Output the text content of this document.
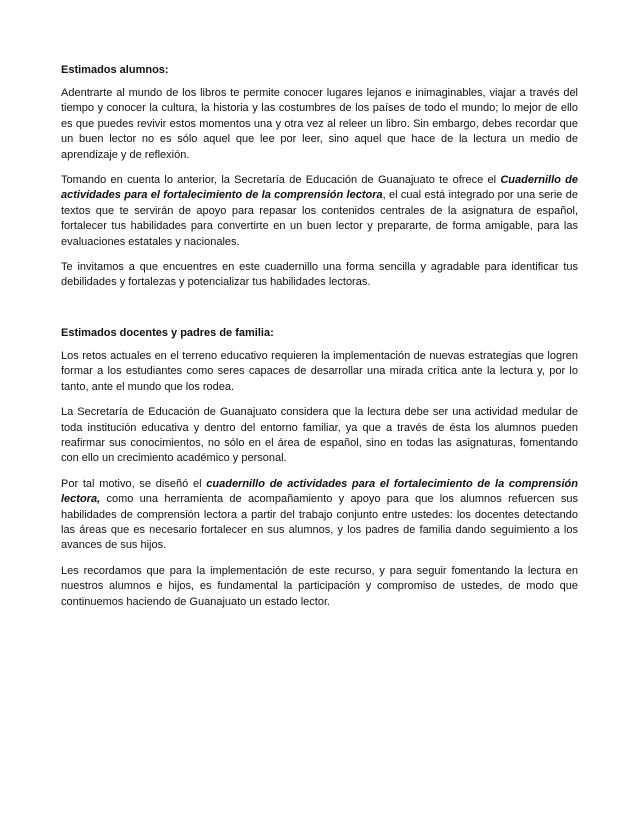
Estimados alumnos:

Adentrarte al mundo de los libros te permite conocer lugares lejanos e inimaginables, viajar a través del tiempo y conocer la cultura, la historia y las costumbres de los países de todo el mundo; lo mejor de ello es que puedes revivir estos momentos una y otra vez al releer un libro. Sin embargo, debes recordar que un buen lector no es sólo aquel que lee por leer, sino aquel que hace de la lectura un medio de aprendizaje y de reflexión.

Tomando en cuenta lo anterior, la Secretaría de Educación de Guanajuato te ofrece el Cuadernillo de actividades para el fortalecimiento de la comprensión lectora, el cual está integrado por una serie de textos que te servirán de apoyo para repasar los contenidos centrales de la asignatura de español, fortalecer tus habilidades para convertirte en un buen lector y prepararte, de forma amigable, para las evaluaciones estatales y nacionales.

Te invitamos a que encuentres en este cuadernillo una forma sencilla y agradable para identificar tus debilidades y fortalezas y potencializar tus habilidades lectoras.

Estimados docentes y padres de familia:

Los retos actuales en el terreno educativo requieren la implementación de nuevas estrategias que logren formar a los estudiantes como seres capaces de desarrollar una mirada crítica ante la lectura y, por lo tanto, ante el mundo que los rodea.

La Secretaría de Educación de Guanajuato considera que la lectura debe ser una actividad medular de toda institución educativa y dentro del entorno familiar, ya que a través de ésta los alumnos pueden reafirmar sus conocimientos, no sólo en el área de español, sino en todas las asignaturas, fomentando con ello un crecimiento académico y personal.

Por tal motivo, se diseñó el cuadernillo de actividades para el fortalecimiento de la comprensión lectora, como una herramienta de acompañamiento y apoyo para que los alumnos refuercen sus habilidades de comprensión lectora a partir del trabajo conjunto entre ustedes: los docentes detectando las áreas que es necesario fortalecer en sus alumnos, y los padres de familia dando seguimiento a los avances de sus hijos.

Les recordamos que para la implementación de este recurso, y para seguir fomentando la lectura en nuestros alumnos e hijos, es fundamental la participación y compromiso de ustedes, de modo que continuemos haciendo de Guanajuato un estado lector.
